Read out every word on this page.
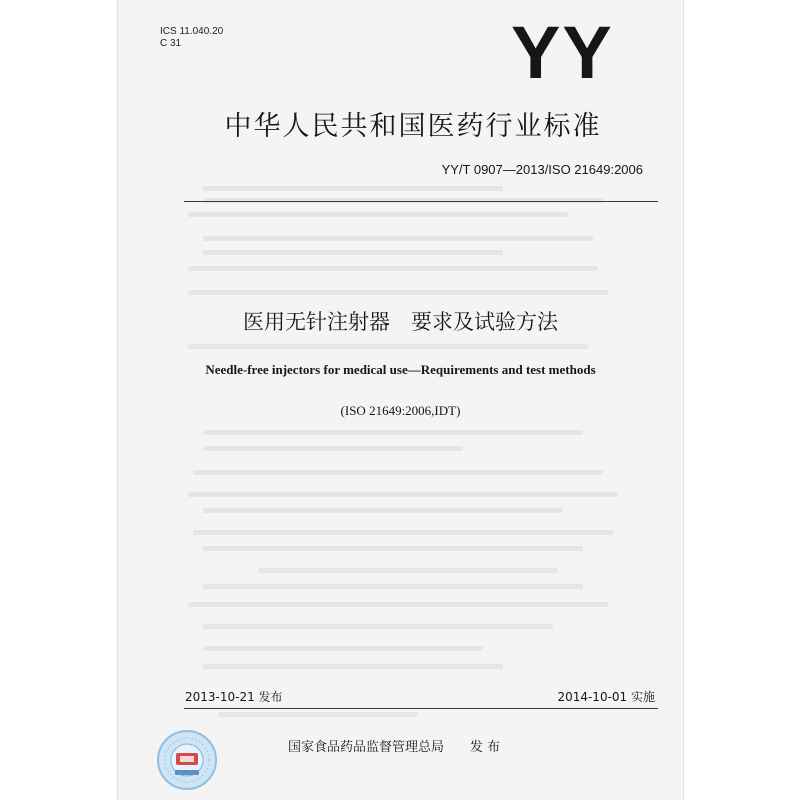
ICS 11.040.20
C 31	YY
中华人民共和国医药行业标准
YY/T 0907—2013/ISO 21649:2006
医用无针注射器　要求及试验方法
Needle-free injectors for medical use—Requirements and test methods
(ISO 21649:2006,IDT)
2013-10-21 发布	2014-10-01 实施
国家食品药品监督管理总局　　发 布
